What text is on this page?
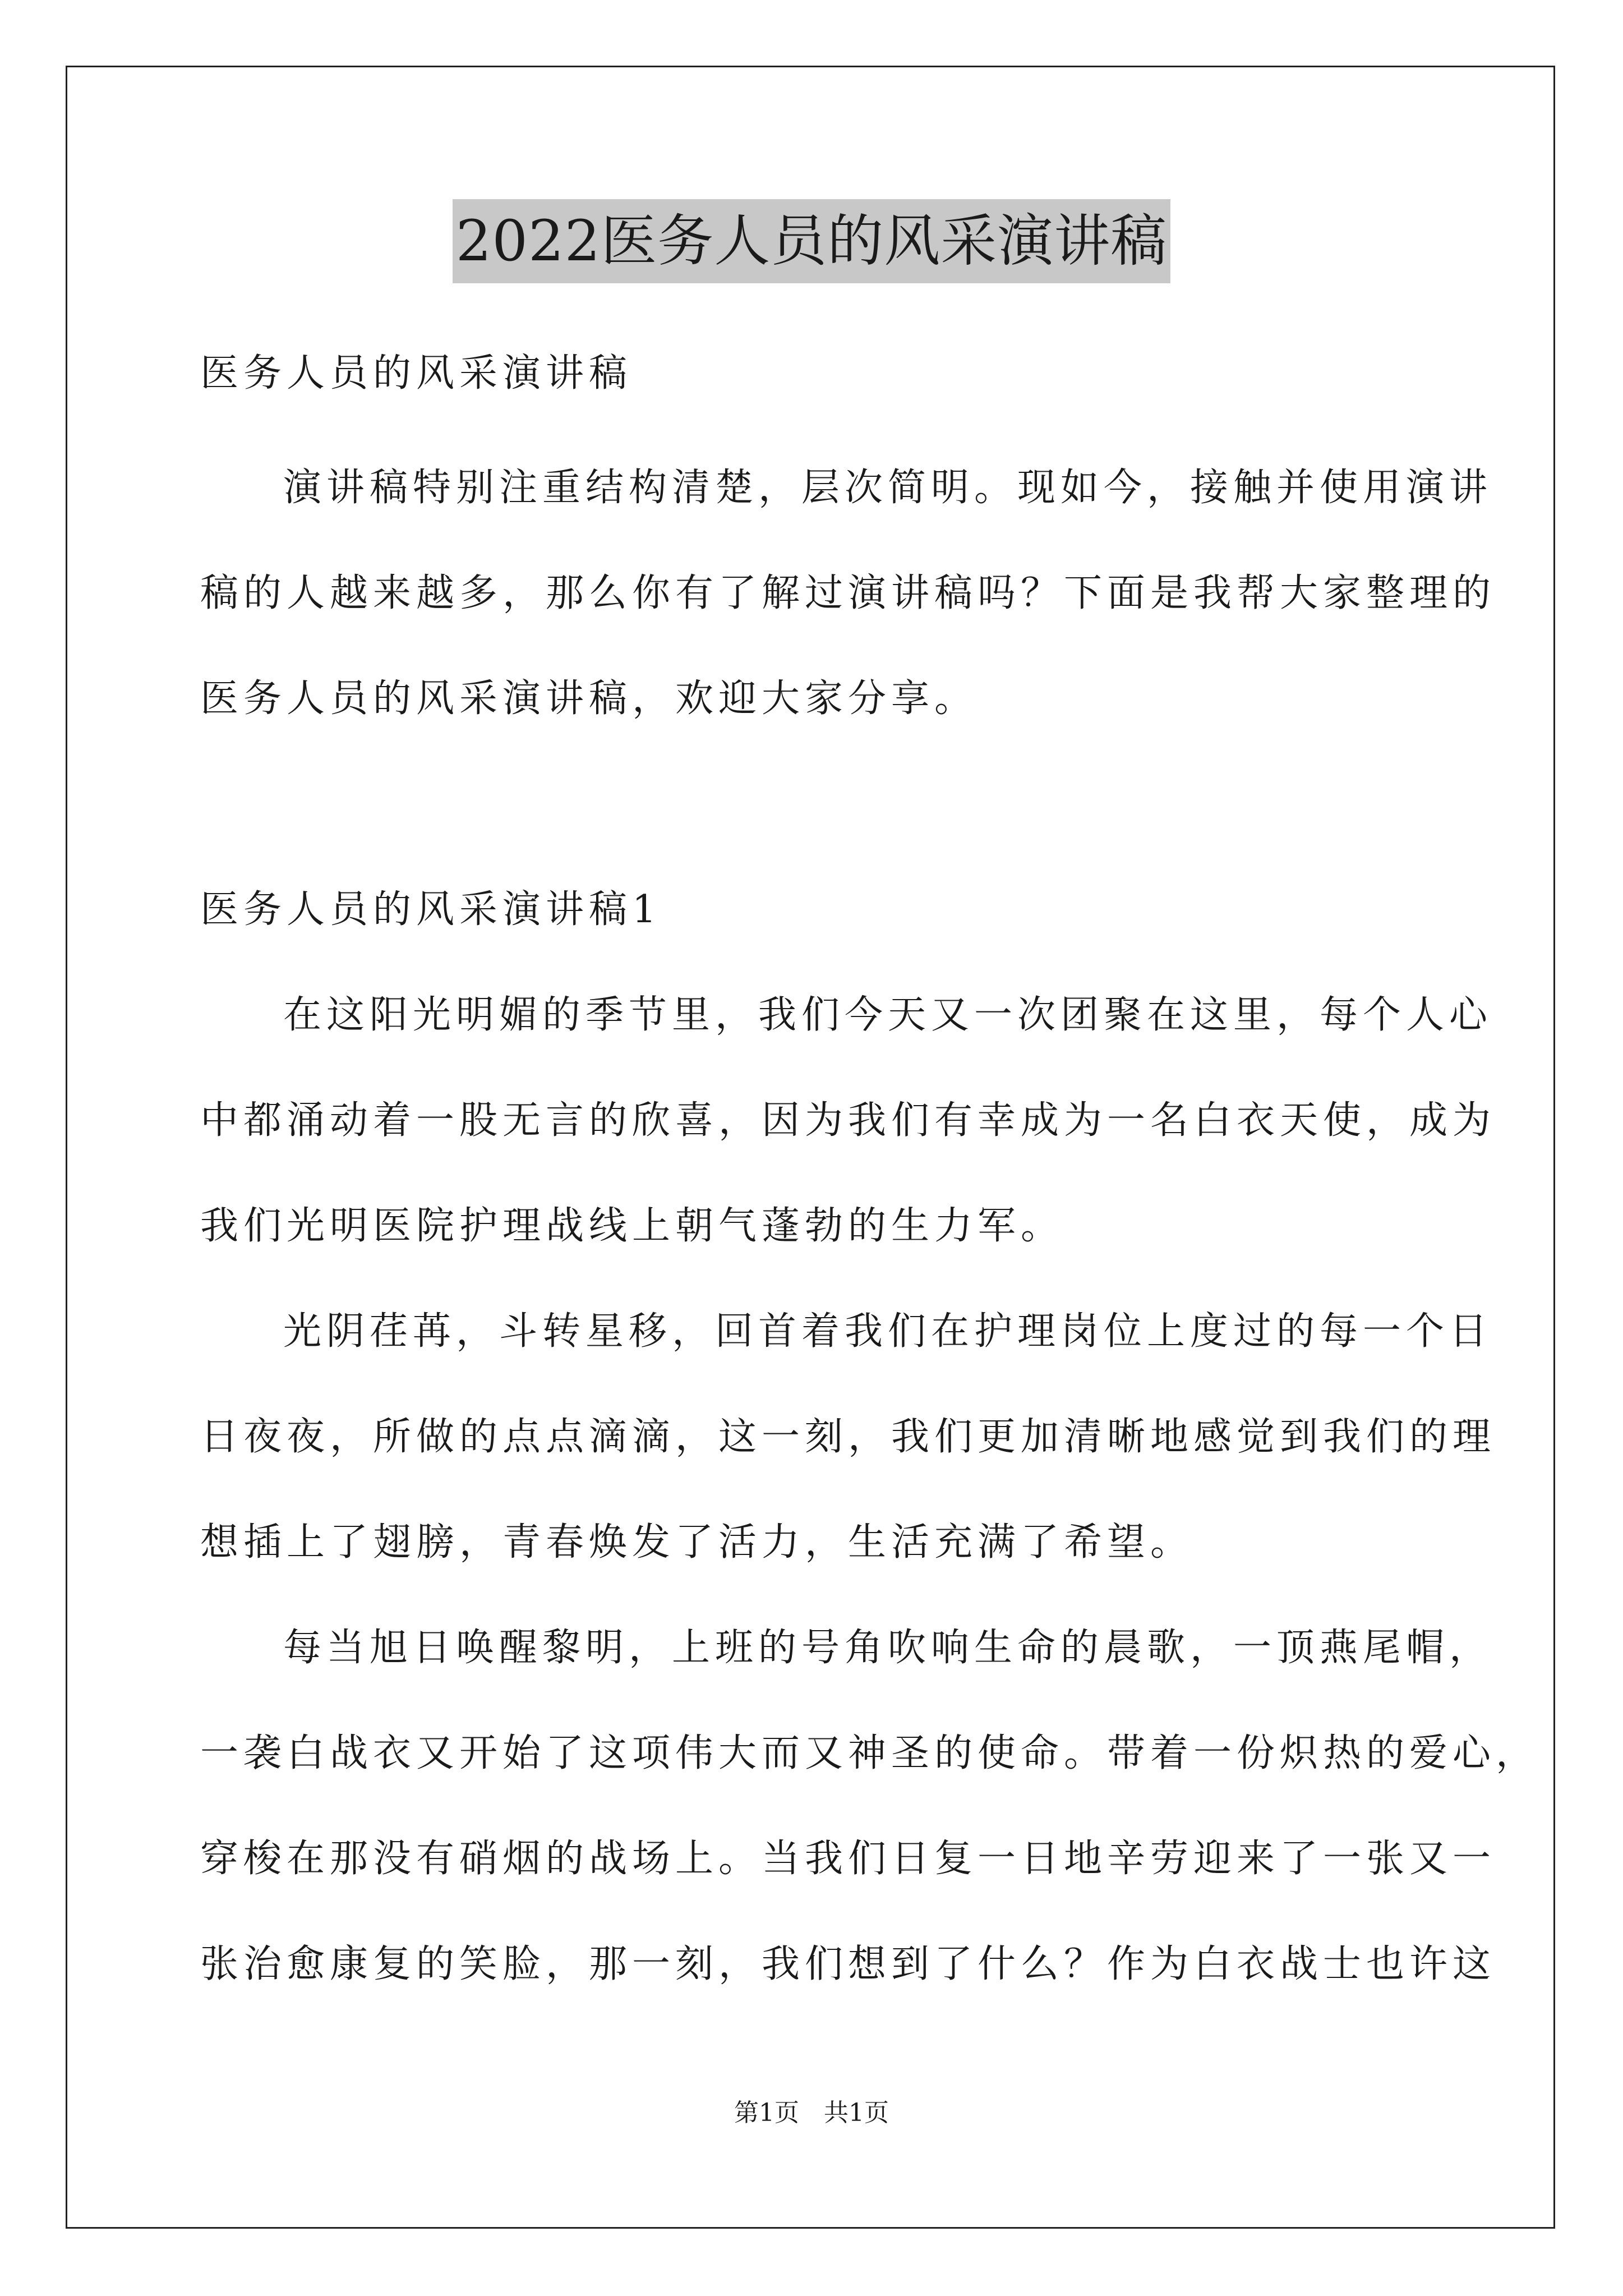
2022医务人员的风采演讲稿
医务人员的风采演讲稿
演讲稿特别注重结构清楚，层次简明。现如今，接触并使用演讲
稿的人越来越多，那么你有了解过演讲稿吗？下面是我帮大家整理的
医务人员的风采演讲稿，欢迎大家分享。
医务人员的风采演讲稿1
在这阳光明媚的季节里，我们今天又一次团聚在这里，每个人心
中都涌动着一股无言的欣喜，因为我们有幸成为一名白衣天使，成为
我们光明医院护理战线上朝气蓬勃的生力军。
光阴荏苒，斗转星移，回首着我们在护理岗位上度过的每一个日
日夜夜，所做的点点滴滴，这一刻，我们更加清晰地感觉到我们的理
想插上了翅膀，青春焕发了活力，生活充满了希望。
每当旭日唤醒黎明，上班的号角吹响生命的晨歌，一顶燕尾帽，
一袭白战衣又开始了这项伟大而又神圣的使命。带着一份炽热的爱心，
穿梭在那没有硝烟的战场上。当我们日复一日地辛劳迎来了一张又一
张治愈康复的笑脸，那一刻，我们想到了什么？作为白衣战士也许这
第1页　共1页
